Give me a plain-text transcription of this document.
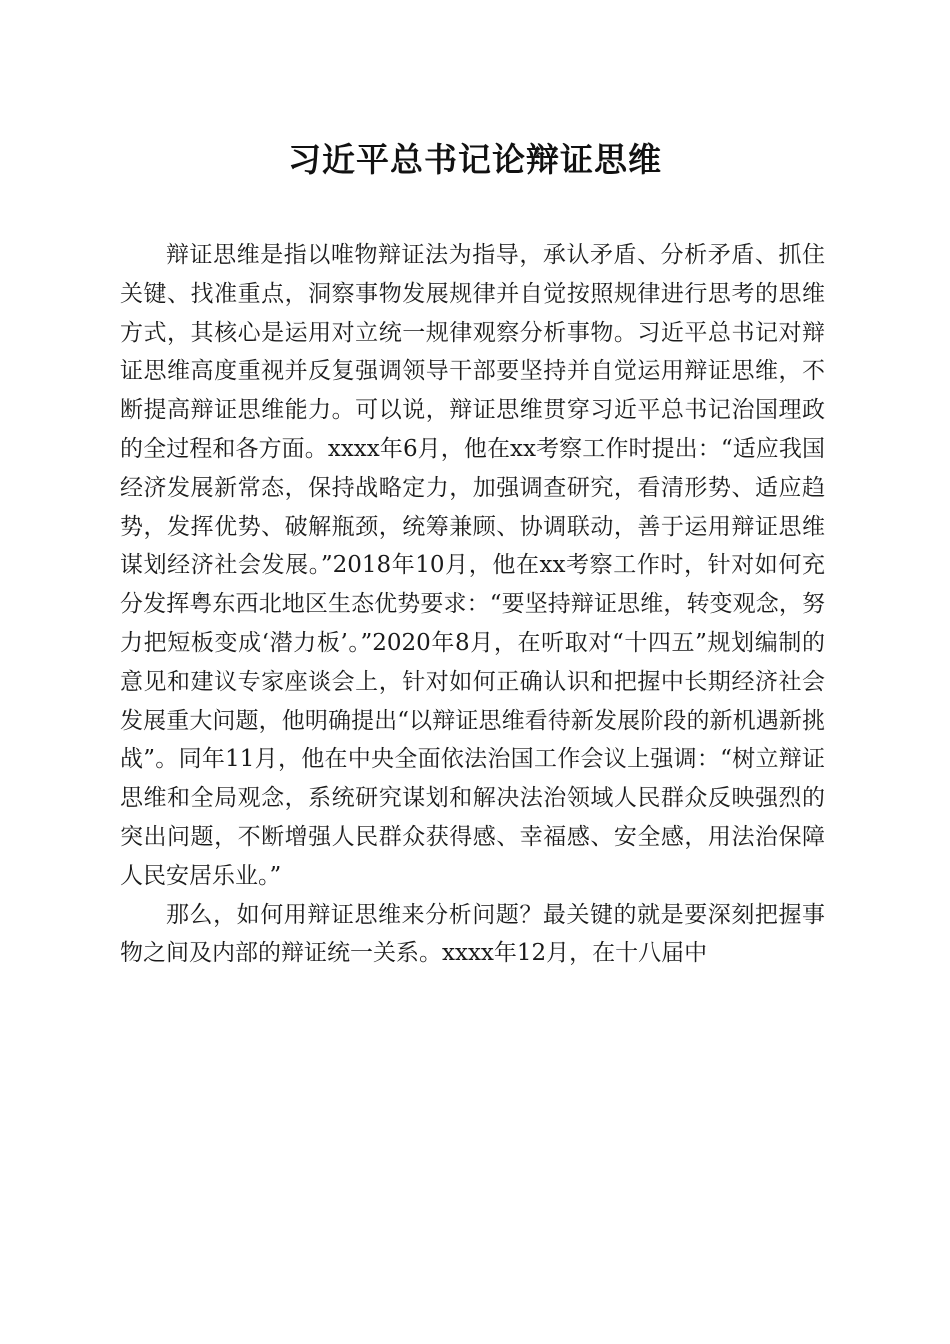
习近平总书记论辩证思维

辩证思维是指以唯物辩证法为指导，承认矛盾、分析矛盾、抓住关键、找准重点，洞察事物发展规律并自觉按照规律进行思考的思维方式，其核心是运用对立统一规律观察分析事物。习近平总书记对辩证思维高度重视并反复强调领导干部要坚持并自觉运用辩证思维，不断提高辩证思维能力。可以说，辩证思维贯穿习近平总书记治国理政的全过程和各方面。xxxx年6月，他在xx考察工作时提出：“适应我国经济发展新常态，保持战略定力，加强调查研究，看清形势、适应趋势，发挥优势、破解瓶颈，统筹兼顾、协调联动，善于运用辩证思维谋划经济社会发展。”2018年10月，他在xx考察工作时，针对如何充分发挥粤东西北地区生态优势要求：“要坚持辩证思维，转变观念，努力把短板变成‘潜力板’。”2020年8月，在听取对“十四五”规划编制的意见和建议专家座谈会上，针对如何正确认识和把握中长期经济社会发展重大问题，他明确提出“以辩证思维看待新发展阶段的新机遇新挑战”。同年11月，他在中央全面依法治国工作会议上强调：“树立辩证思维和全局观念，系统研究谋划和解决法治领域人民群众反映强烈的突出问题，不断增强人民群众获得感、幸福感、安全感，用法治保障人民安居乐业。”

那么，如何用辩证思维来分析问题？最关键的就是要深刻把握事物之间及内部的辩证统一关系。xxxx年12月，在十八届中
